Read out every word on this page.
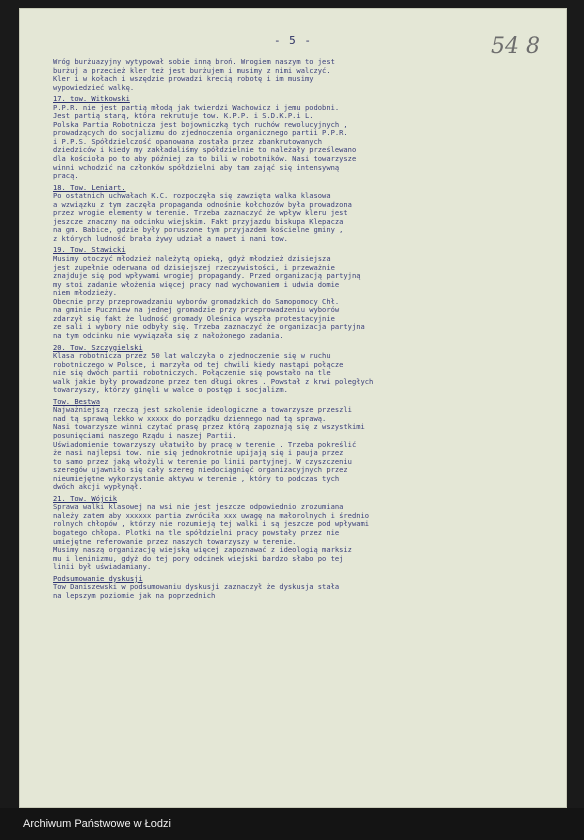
- 5 -	54 8
Wróg burżuazyjny wytypował sobie inną broń. Wrogiem naszym to jest
burżuj a przecież kler też jest burżujem i musimy z nimi walczyć.
Kler i w kołach i wszędzie prowadzi krecią robotę i im musimy
wypowiedzieć walkę.
17. tow. Witkowski
P.P.R. nie jest partią młodą jak twierdzi Wachowicz i jemu podobni.
Jest partią starą, która rekrutuje tow. K.P.P. i S.D.K.P.i L.
Polska Partia Robotnicza jest bojowniczką tych ruchów rewolucyjnych ,
prowadzących do socjalizmu do zjednoczenia organicznego partii P.P.R.
i P.P.S. Spółdzielczość opanowana została przez zbankrutowanych
dziedziców i kiedy my zakładaliśmy spółdzielnie to należały prześlewano
dla kościoła po to aby później za to bili w robotników. Nasi towarzysze
winni wchodzić na członków spółdzielni aby tam zająć się intensywną
pracą.
18. Tow. Leniart.
Po ostatnich uchwałach K.C. rozpoczęła się zawzięta walka klasowa
a wzwiązku z tym zaczęła propaganda odnośnie kołchozów była prowadzona
przez wrogie elementy w terenie. Trzeba zaznaczyć że wpływ kleru jest
jeszcze znaczny na odcinku wiejskim. Fakt przyjazdu biskupa Klepacza
na gm. Babice, gdzie były poruszone tym przyjazdem kościelne gminy ,
z których ludność brała żywy udział a nawet i nani tow.
19. Tow. Stawicki
Musimy otoczyć młodzież należytą opieką, gdyż młodzież dzisiejsza
jest zupełnie oderwana od dzisiejszej rzeczywistości, i przeważnie
znajduje się pod wpływami wrogiej propagandy. Przed organizacją partyjną
my stoi zadanie włożenia więcej pracy nad wychowaniem i udwia domie
niem młodzieży.
Obecnie przy przeprowadzaniu wyborów gromadzkich do Samopomocy Chł.
na gminie Puczniew na jednej gromadzie przy przeprowadzeniu wyborów
zdarzył się fakt że ludność gromady Oleśnica wyszła protestacyjnie
ze sali i wybory nie odbyły się. Trzeba zaznaczyć że organizacja partyjna
na tym odcinku nie wywiązała się z nałożonego zadania.
20. Tow. Szczygielski
Klasa robotnicza przez 50 lat walczyła o zjednoczenie się w ruchu
robotniczego w Polsce, i marzyła od tej chwili kiedy nastąpi połącze
nie się dwóch partii robotniczych. Połączenie się powstało na tle
walk jakie były prowadzone przez ten długi okres . Powstał z krwi poległych
towarzyszy, którzy ginęli w walce o postęp i socjalizm.
Tow. Bestwa
Najważniejszą rzeczą jest szkolenie ideologiczne a towarzysze przeszli
nad tą sprawą lekko w xxxxx do porządku dziennego nad tą sprawą.
Nasi towarzysze winni czytać prasę przez którą zapoznają się z wszystkimi
posunięciami naszego Rządu i naszej Partii.
Uświadomienie towarzyszy ułatwiło by pracę w terenie . Trzeba pokreślić
że nasi najlepsi tow. nie się jednokrotnie upijają się i pauja przez
to samo przez jaką włożyli w terenie po linii partyjnej. W czyszczeniu
szeregów ujawniło się cały szereg niedociągnięć organizacyjnych przez
nieumiejętne wykorzystanie aktywu w terenie , który to podczas tych
dwóch akcji wypłynął.
21. Tow. Wójcik
Sprawa walki klasowej na wsi nie jest jeszcze odpowiednio zrozumiana
należy zatem aby xxxxxx partia zwróciła xxx uwagę na małorolnych i średnio
rolnych chłopów , którzy nie rozumieją tej walki i są jeszcze pod wpływami
bogatego chłopa. Plotki na tle spółdzielni pracy powstały przez nie
umiejętne referowanie przez naszych towarzyszy w terenie.
Musimy naszą organizację wiejską więcej zapoznawać z ideologią marksiz
mu i leninizmu, gdyż do tej pory odcinek wiejski bardzo słabo po tej
linii był uświadamiany.
Podsumowanie dyskusji
Tow Daniszewski w podsumowaniu dyskusji zaznaczył że dyskusja stała
na lepszym poziomie jak na poprzednich
Archiwum Państwowe w Łodzi
